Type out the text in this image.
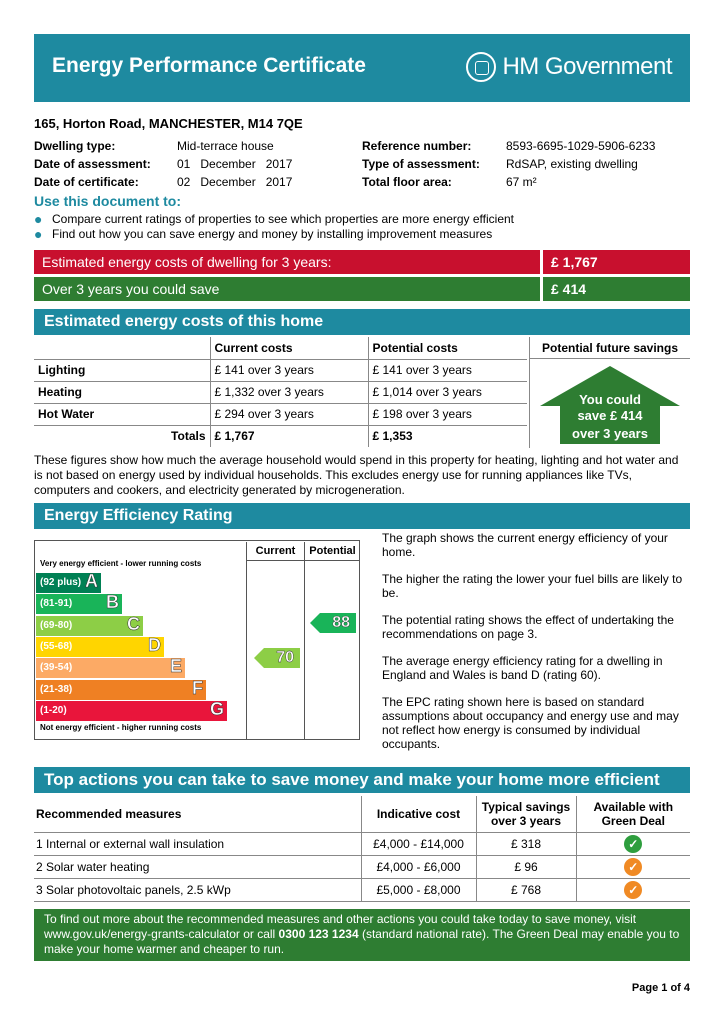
Energy Performance Certificate	HM Government
165, Horton Road, MANCHESTER, M14 7QE
Dwelling type:	Mid-terrace house
Date of assessment:	01   December   2017
Date of certificate:	02   December   2017
Reference number:	8593-6695-1029-5906-6233
Type of assessment:	RdSAP, existing dwelling
Total floor area:	67 m²
Use this document to:
● Compare current ratings of properties to see which properties are more energy efficient
● Find out how you can save energy and money by installing improvement measures
Estimated energy costs of dwelling for 3 years:	£ 1,767
Over 3 years you could save	£ 414
Estimated energy costs of this home
	Current costs	Potential costs
Lighting	£ 141 over 3 years	£ 141 over 3 years
Heating	£ 1,332 over 3 years	£ 1,014 over 3 years
Hot Water	£ 294 over 3 years	£ 198 over 3 years
Totals	£ 1,767	£ 1,353
Potential future savings
You could
save £ 414
over 3 years
These figures show how much the average household would spend in this property for heating, lighting and hot water and is not based on energy used by individual households. This excludes energy use for running appliances like TVs, computers and cookers, and electricity generated by microgeneration.
Energy Efficiency Rating
Current	Potential
Very energy efficient - lower running costs
Not energy efficient - higher running costs
(92 plus) A
(81-91) B
(69-80)	C
(55-68)	D
(39-54)	E
(21-38)	F
(1-20)	G
70
88

The graph shows the current energy efficiency of your home.

The higher the rating the lower your fuel bills are likely to be.

The potential rating shows the effect of undertaking the recommendations on page 3.

The average energy efficiency rating for a dwelling in England and Wales is band D (rating 60).

The EPC rating shown here is based on standard assumptions about occupancy and energy use and may not reflect how energy is consumed by individual occupants.

Top actions you can take to save money and make your home more efficient
Recommended measures	Indicative cost	Typical savings over 3 years	Available with Green Deal
1 Internal or external wall insulation	£4,000 - £14,000	£ 318	✓
2 Solar water heating	£4,000 - £6,000	£ 96	✓
3 Solar photovoltaic panels, 2.5 kWp	£5,000 - £8,000	£ 768	✓
To find out more about the recommended measures and other actions you could take today to save money, visit www.gov.uk/energy-grants-calculator or call 0300 123 1234 (standard national rate). The Green Deal may enable you to make your home warmer and cheaper to run.
Page 1 of 4
